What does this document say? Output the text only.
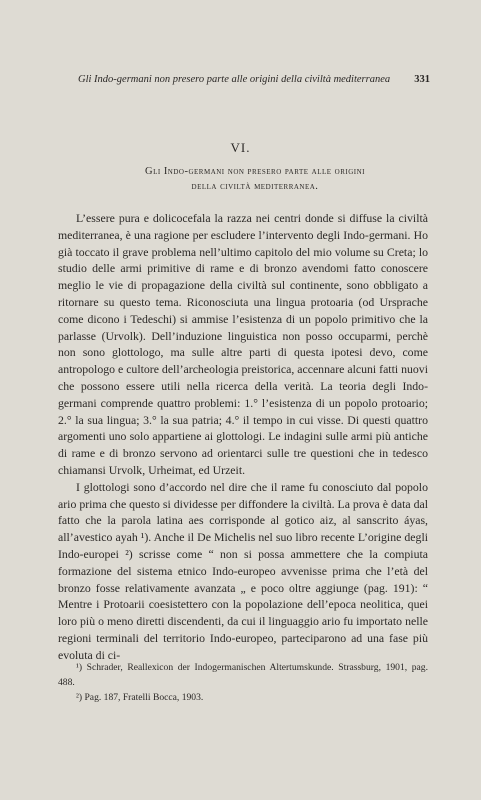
Gli Indo-germani non presero parte alle origini della civiltà mediterranea 331
VI.
Gli Indo-germani non presero parte alle origini
della civiltà mediterranea.

L’essere pura e dolicocefala la razza nei centri donde si diffuse la civiltà mediterranea, è una ragione per escludere l’intervento degli Indo-germani. Ho già toccato il grave problema nell’ultimo capitolo del mio volume su Creta; lo studio delle armi primitive di rame e di bronzo avendomi fatto conoscere meglio le vie di propagazione della civiltà sul continente, sono obbligato a ritornare su questo tema. Riconosciuta una lingua protoaria (od Ursprache come dicono i Tedeschi) si ammise l’esistenza di un popolo primitivo che la parlasse (Urvolk). Dell’induzione linguistica non posso occuparmi, perchè non sono glottologo, ma sulle altre parti di questa ipotesi devo, come antropologo e cultore dell’archeologia preistorica, accennare alcuni fatti nuovi che possono essere utili nella ricerca della verità. La teoria degli Indo-germani comprende quattro problemi: 1.° l’esistenza di un popolo protoario; 2.° la sua lingua; 3.° la sua patria; 4.° il tempo in cui visse. Di questi quattro argomenti uno solo appartiene ai glottologi. Le indagini sulle armi più antiche di rame e di bronzo servono ad orientarci sulle tre questioni che in tedesco chiamansi Urvolk, Urheimat, ed Urzeit.

I glottologi sono d’accordo nel dire che il rame fu conosciuto dal popolo ario prima che questo si dividesse per diffondere la civiltà. La prova è data dal fatto che la parola latina aes corrisponde al gotico aiz, al sanscrito áyas, all’avestico ayah ¹). Anche il De Michelis nel suo libro recente L’origine degli Indo-europei ²) scrisse come “ non si possa ammettere che la compiuta formazione del sistema etnico Indo-europeo avvenisse prima che l’età del bronzo fosse relativamente avanzata „ e poco oltre aggiunge (pag. 191): “ Mentre i Protoarii coesistettero con la popolazione dell’epoca neolitica, quei loro più o meno diretti discendenti, da cui il linguaggio ario fu importato nelle regioni terminali del territorio Indo-europeo, parteciparono ad una fase più evoluta di ci-

¹) Schrader, Reallexicon der Indogermanischen Altertumskunde. Strassburg, 1901, pag. 488.

²) Pag. 187, Fratelli Bocca, 1903.
